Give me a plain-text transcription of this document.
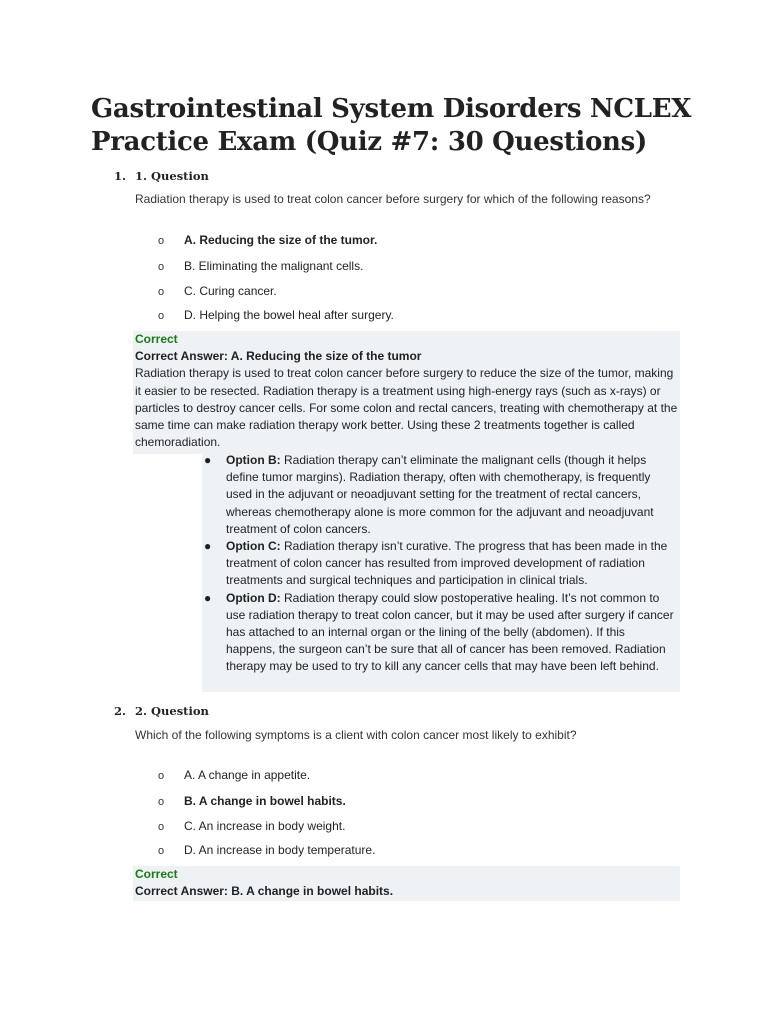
Gastrointestinal System Disorders NCLEX Practice Exam (Quiz #7: 30 Questions)
1. 1. Question
Radiation therapy is used to treat colon cancer before surgery for which of the following reasons?
o A. Reducing the size of the tumor.
o B. Eliminating the malignant cells.
o C. Curing cancer.
o D. Helping the bowel heal after surgery.
Correct
Correct Answer: A. Reducing the size of the tumor
Radiation therapy is used to treat colon cancer before surgery to reduce the size of the tumor, making it easier to be resected. Radiation therapy is a treatment using high-energy rays (such as x-rays) or particles to destroy cancer cells. For some colon and rectal cancers, treating with chemotherapy at the same time can make radiation therapy work better. Using these 2 treatments together is called chemoradiation.
● Option B: Radiation therapy can’t eliminate the malignant cells (though it helps define tumor margins). Radiation therapy, often with chemotherapy, is frequently used in the adjuvant or neoadjuvant setting for the treatment of rectal cancers, whereas chemotherapy alone is more common for the adjuvant and neoadjuvant treatment of colon cancers.
● Option C: Radiation therapy isn’t curative. The progress that has been made in the treatment of colon cancer has resulted from improved development of radiation treatments and surgical techniques and participation in clinical trials.
● Option D: Radiation therapy could slow postoperative healing. It’s not common to use radiation therapy to treat colon cancer, but it may be used after surgery if cancer has attached to an internal organ or the lining of the belly (abdomen). If this happens, the surgeon can’t be sure that all of cancer has been removed. Radiation therapy may be used to try to kill any cancer cells that may have been left behind.
2. 2. Question
Which of the following symptoms is a client with colon cancer most likely to exhibit?
o A. A change in appetite.
o B. A change in bowel habits.
o C. An increase in body weight.
o D. An increase in body temperature.
Correct
Correct Answer: B. A change in bowel habits.
